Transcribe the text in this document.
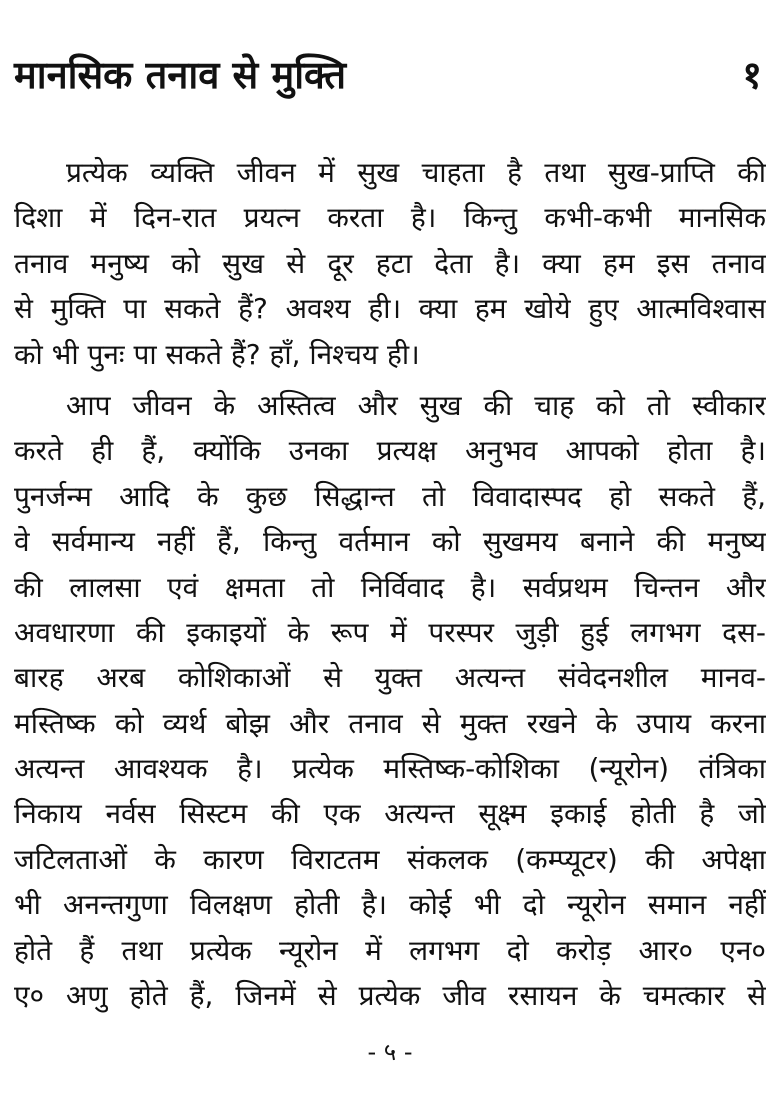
मानसिक तनाव से मुक्ति	१
प्रत्येक व्यक्ति जीवन में सुख चाहता है तथा सुख-प्राप्ति की
दिशा में दिन-रात प्रयत्न करता है। किन्तु कभी-कभी मानसिक
तनाव मनुष्य को सुख से दूर हटा देता है। क्या हम इस तनाव
से मुक्ति पा सकते हैं? अवश्य ही। क्या हम खोये हुए आत्मविश्वास
को भी पुनः पा सकते हैं? हाँ, निश्चय ही।
आप जीवन के अस्तित्व और सुख की चाह को तो स्वीकार
करते ही हैं, क्योंकि उनका प्रत्यक्ष अनुभव आपको होता है।
पुनर्जन्म आदि के कुछ सिद्धान्त तो विवादास्पद हो सकते हैं,
वे सर्वमान्य नहीं हैं, किन्तु वर्तमान को सुखमय बनाने की मनुष्य
की लालसा एवं क्षमता तो निर्विवाद है। सर्वप्रथम चिन्तन और
अवधारणा की इकाइयों के रूप में परस्पर जुड़ी हुई लगभग दस-
बारह अरब कोशिकाओं से युक्त अत्यन्त संवेदनशील मानव-
मस्तिष्क को व्यर्थ बोझ और तनाव से मुक्त रखने के उपाय करना
अत्यन्त आवश्यक है। प्रत्येक मस्तिष्क-कोशिका (न्यूरोन) तंत्रिका
निकाय नर्वस सिस्टम की एक अत्यन्त सूक्ष्म इकाई होती है जो
जटिलताओं के कारण विराटतम संकलक (कम्प्यूटर) की अपेक्षा
भी अनन्तगुणा विलक्षण होती है। कोई भी दो न्यूरोन समान नहीं
होते हैं तथा प्रत्येक न्यूरोन में लगभग दो करोड़ आर० एन०
ए० अणु होते हैं, जिनमें से प्रत्येक जीव रसायन के चमत्कार से
- ५ -
